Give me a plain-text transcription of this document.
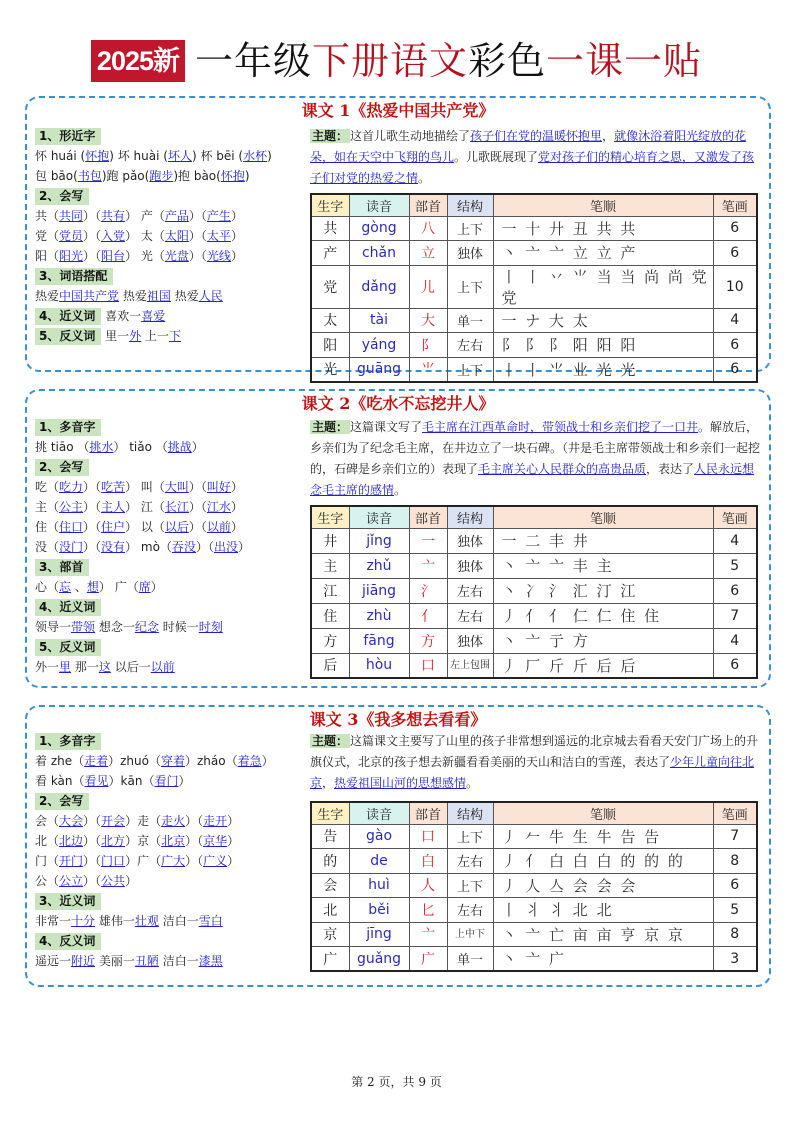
2025新 一年级下册语文彩色一课一贴
课文 1《热爱中国共产党》
1、形近字
怀 huái (怀抱) 坏 huài (坏人) 杯 bēi (水杯)
包 bāo(书包)跑 pǎo(跑步)抱 bào(怀抱)
2、会写
共（共同）（共有） 产（产品）（产生）
党（党员）（入党） 太（太阳）（太平）
阳（阳光）（阳台） 光（光盘）（光线）
3、词语搭配
热爱中国共产党 热爱祖国 热爱人民
4、近义词 喜欢一喜爱
5、反义词 里一外 上一下
主题： 这首儿歌生动地描绘了孩子们在党的温暖怀抱里，就像沐浴着阳光绽放的花朵，如在天空中飞翔的鸟儿。儿歌既展现了党对孩子们的精心培育之恩，又激发了孩子们对党的热爱之情。
生字	读音	部首	结构	笔顺	笔画
共	gòng	八	上下	一 十 廾 丑 共 共	6
产	chǎn	立	独体	丶 亠 亠 立 立 产	6
党	dǎng	儿	上下	丨 丨 丷 ⺌ 当 当 尚 尚 党 党	10
太	tài	大	单一	一 ナ 大 太	4
阳	yáng	阝	左右	阝 阝 阝 阳 阳 阳	6
光	guāng	⺌	上下	丨 丨 ⺌ 业 光 光	6
课文 2《吃水不忘挖井人》
1、多音字
挑 tiāo （挑水） tiǎo （挑战）
2、会写
吃（吃力）（吃苦） 叫（大叫）（叫好）
主（公主）（主人） 江（长江）（江水）
住（住口）（住户） 以（以后）（以前）
没（没门）（没有） mò（吞没）（出没）
3、部首
心（忘 、想） 广（席）
4、近义词
领导一带领 想念一纪念 时候一时刻
5、反义词
外一里 那一这 以后一以前
主题： 这篇课文写了毛主席在江西革命时，带领战士和乡亲们挖了一口井。解放后，乡亲们为了纪念毛主席，在井边立了一块石碑。（井是毛主席带领战士和乡亲们一起挖的，石碑是乡亲们立的）表现了毛主席关心人民群众的高贵品质，表达了人民永远想念毛主席的感情。
生字	读音	部首	结构	笔顺	笔画
井	jǐng	一	独体	一 二 丰 井	4
主	zhǔ	亠	独体	丶 亠 亠 丰 主	5
江	jiāng	氵	左右	丶 冫 氵 汇 汀 江	6
住	zhù	亻	左右	丿 亻 亻 仁 仁 住 住	7
方	fāng	方	独体	丶 亠 亍 方	4
后	hòu	口	左上包围	丿 厂 斤 斤 后 后	6
课文 3《我多想去看看》
1、多音字
着 zhe（走着）zhuó（穿着）zháo（着急）
看 kàn（看见）kān（看门）
2、会写
会（大会）（开会）走（走火）（走开）
北（北边）（北方）京（北京）（京华）
门（开门）（门口）广（广大）（广义）
公（公立）（公共）
3、近义词
非常一十分 雄伟一壮观 洁白一雪白
4、反义词
遥远一附近 美丽一丑陋 洁白一漆黑
主题： 这篇课文主要写了山里的孩子非常想到遥远的北京城去看看天安门广场上的升旗仪式，北京的孩子想去新疆看看美丽的天山和洁白的雪莲，表达了少年儿童向往北京，热爱祖国山河的思想感情。
生字	读音	部首	结构	笔顺	笔画
告	gào	口	上下	丿 𠂉 牛 生 牛 告 告	7
的	de	白	左右	丿 亻 白 白 白 的 的 的	8
会	huì	人	上下	丿 人 亼 会 会 会	6
北	běi	匕	左右	丨 丬 丬 北 北	5
京	jīng	亠	上中下	丶 亠 亡 亩 亩 亨 京 京	8
广	guǎng	广	单一	丶 亠 广	3
第 2 页，共 9 页
